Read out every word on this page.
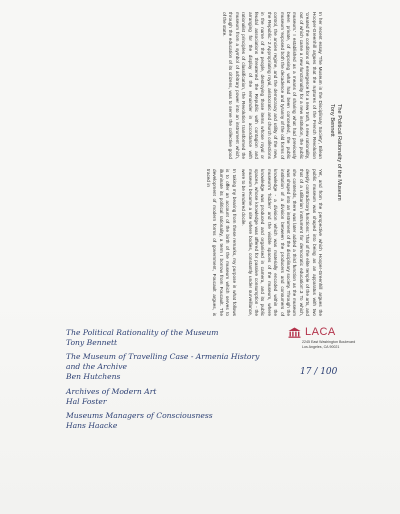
The Political Rationality of the Museum
Tony Bennett

In her recent essay 'The Museum in the Disciplinary Society', Eilean Hooper-Greenhill argues that the ruptures of the French Revolution 'created the conditions of emergence for a new truth, a new rationality, out of which came a new functionality for a new institution, the public museum.' I established as a means of sharing what had previously been private, of exposing what had been concealed, the public museum 'exposed both the decadence and tyranny of the old forms of control, the ancien regime, and the democracy and utility of the new, the Republic.' 2 Appropriating royal, aristocratic and church collections in the name of the people, destroying those items whose royal or feudal associations threatened the Republic with contagion and arranging for the display of the remainder in accordance with rationalist principles of classification, the Revolution transformed the museum from a symbol of arbitrary power into an instrument which, through the education of its citizens, was to serve the collective good of the state.

Yet, and from the perspective which Hooper-Greenhill argues the public museum was shaped into being as an apparatus with two deeply contradictory functions: 'that of the elite temple of the arts, and that of a utilitarian instrument for democratic education'.3 To which, she contends, there was later added a third function as the museum was shaped into an instrument of the disciplinary society. Through the institution of a division between the producers and consumers of knowledge - a division which was materially encoded within the museum's 'hidden' and the visible spaces of the museum, where knowledge was produced and organised in camera, and its public spaces, whose knowledge was offered for passive consumption - the museum became a site where bodies, constantly under surveillance, were to be rendered docile.

In taking my bearing from these remarks, my purpose in what follows is to offer an account of the birth of the museum which serves to illuminate its political rationality, a term I borrow from Foucault. The development of modern forms of government, Foucault argues, is traced in

The Political Rationality of the Museum
Tony Bennett
The Museum of Travelling Case - Armenia History and the Archive
Ben Hutchens
Archives of Modern Art
Hal Foster
Museums Managers of Consciousness
Hans Haacke
LACA
2245 East Washington Boulevard
Los Angeles, CA 90021
17 / 100
